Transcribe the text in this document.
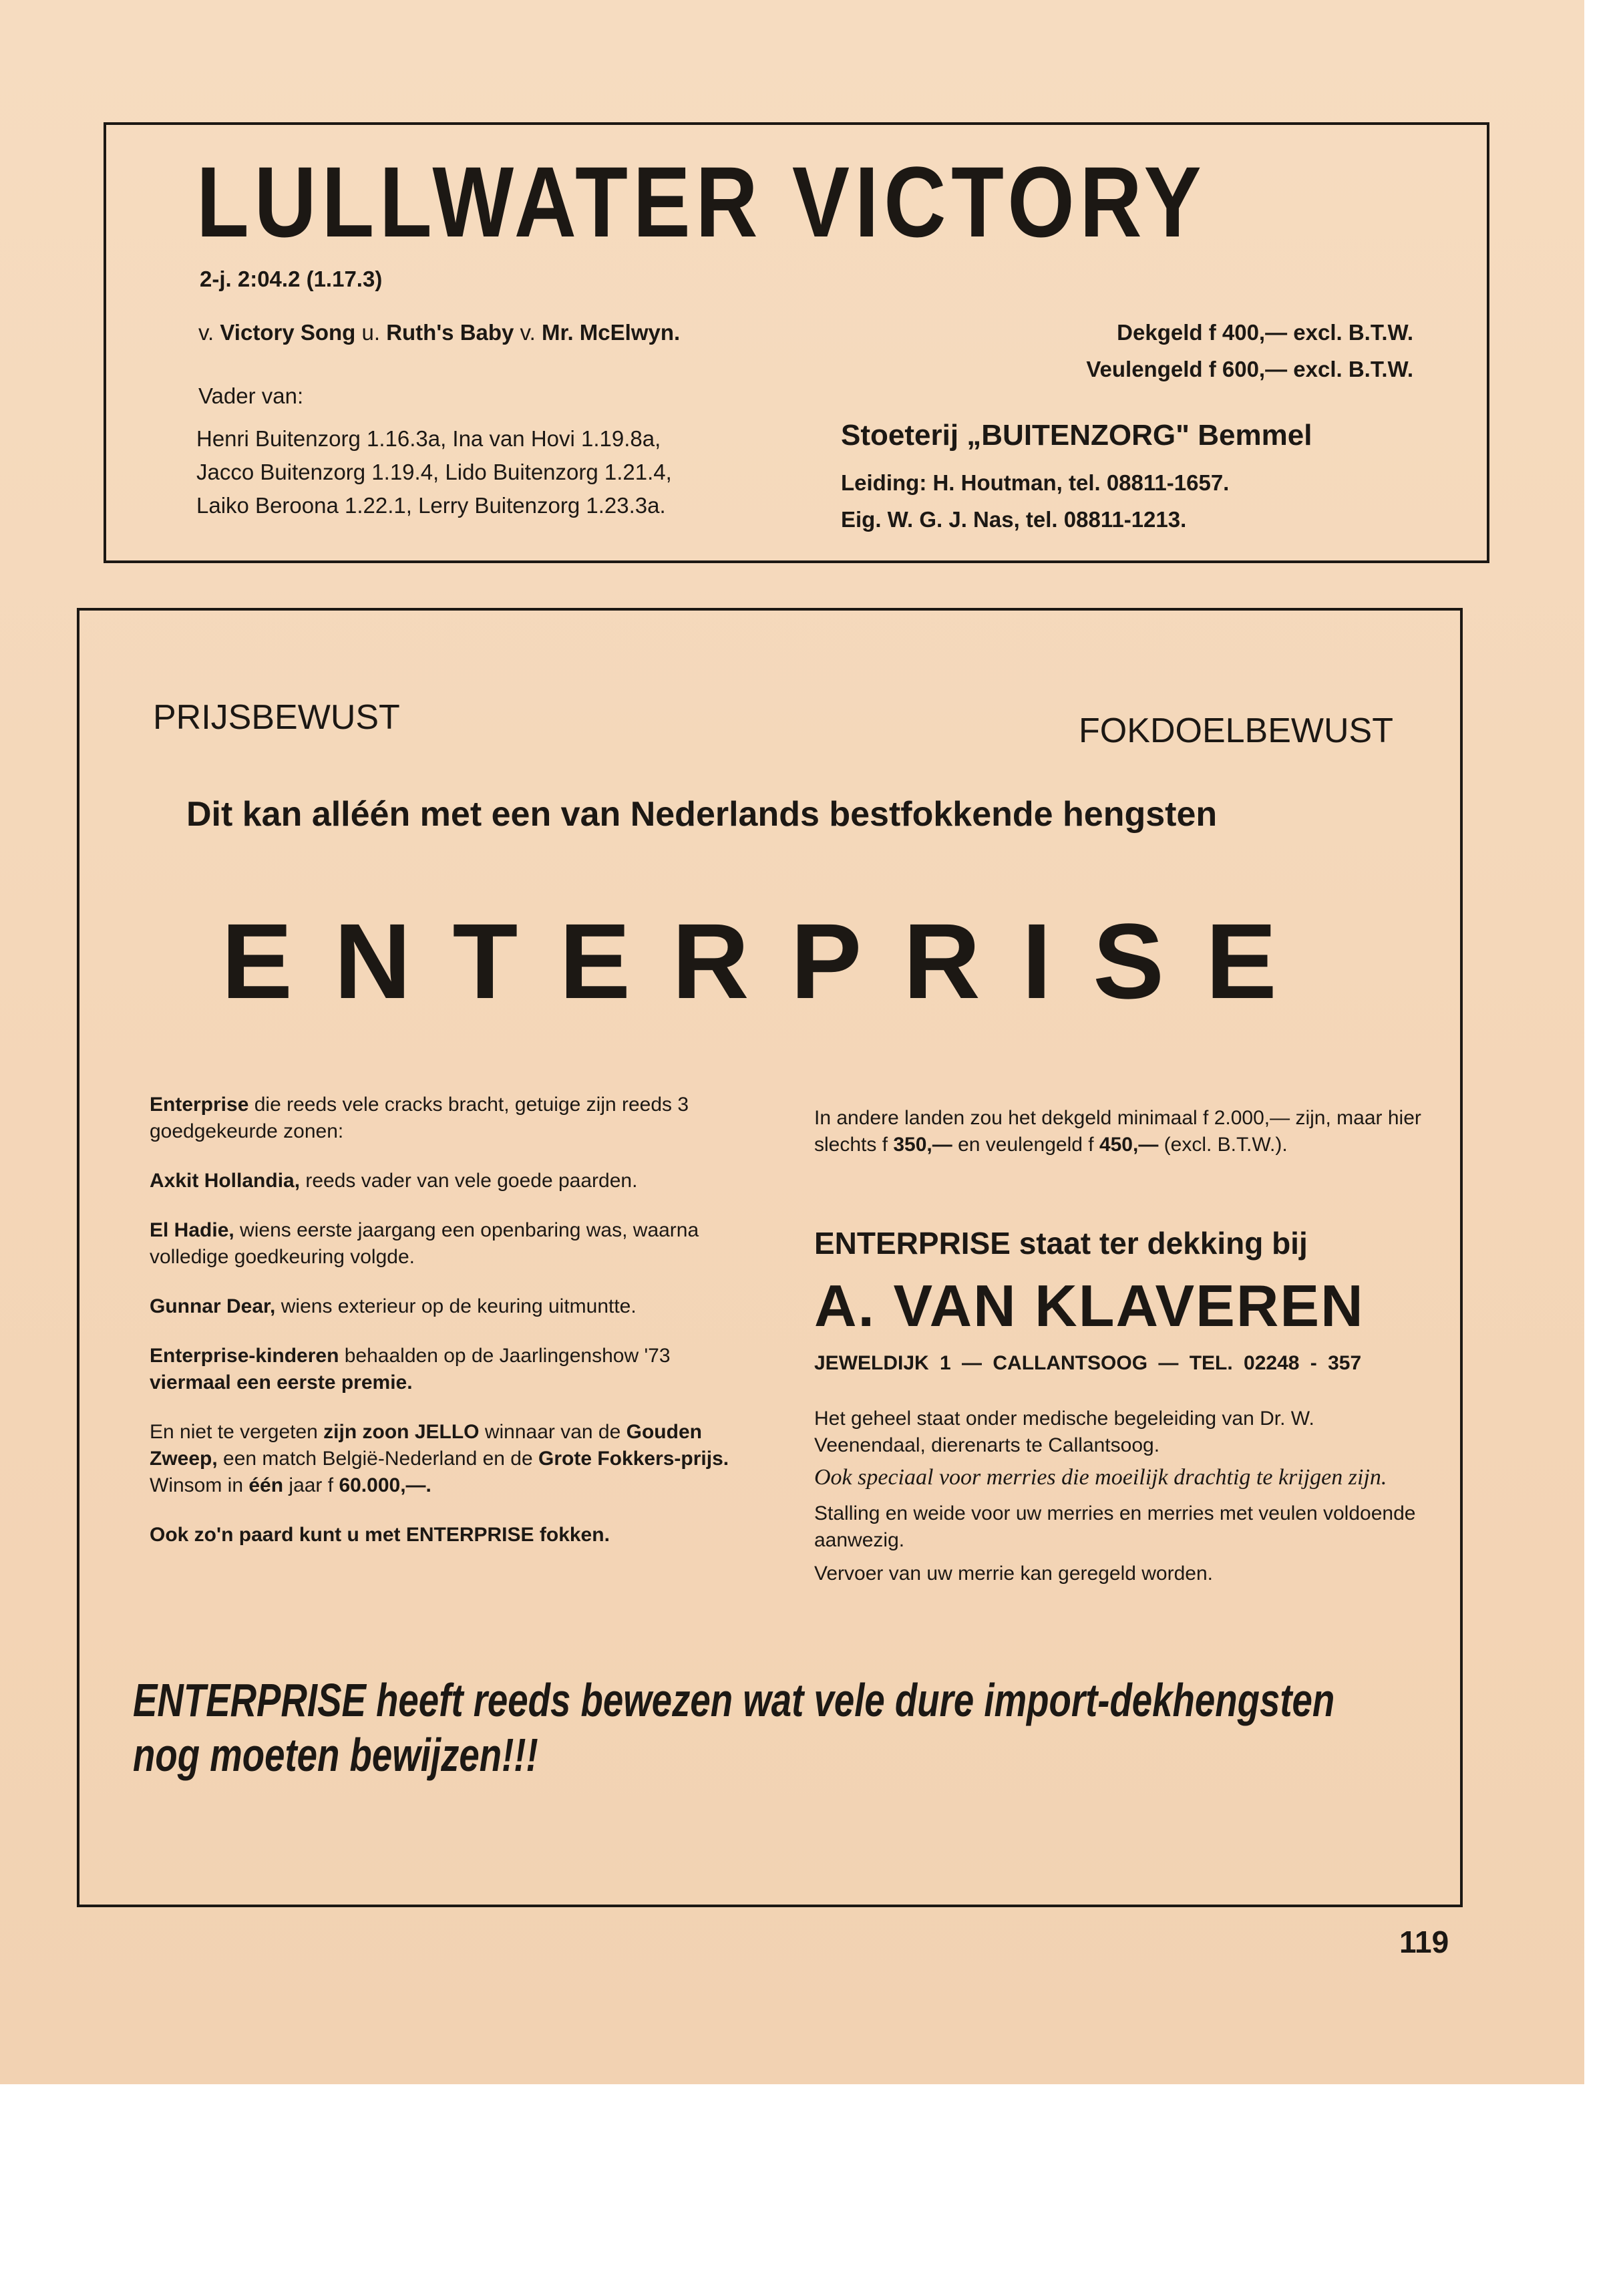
LULLWATER VICTORY
2-j. 2:04.2 (1.17.3)
v. Victory Song u. Ruth's Baby v. Mr. McElwyn.
Vader van:
Henri Buitenzorg 1.16.3a, Ina van Hovi 1.19.8a,
Jacco Buitenzorg 1.19.4, Lido Buitenzorg 1.21.4,
Laiko Beroona 1.22.1, Lerry Buitenzorg 1.23.3a.
Dekgeld f 400,— excl. B.T.W.
Veulengeld f 600,— excl. B.T.W.
Stoeterij „BUITENZORG" Bemmel
Leiding: H. Houtman, tel. 08811-1657.
Eig. W. G. J. Nas, tel. 08811-1213.
PRIJSBEWUST	FOKDOELBEWUST
Dit kan alléén met een van Nederlands bestfokkende hengsten
ENTERPRISE

Enterprise die reeds vele cracks bracht, getuige zijn reeds 3 goedgekeurde zonen:

Axkit Hollandia, reeds vader van vele goede paarden.

El Hadie, wiens eerste jaargang een openbaring was, waarna volledige goedkeuring volgde.

Gunnar Dear, wiens exterieur op de keuring uitmuntte.

Enterprise-kinderen behaalden op de Jaarlingenshow '73
viermaal een eerste premie.

En niet te vergeten zijn zoon JELLO winnaar van de Gouden Zweep, een match België-Nederland en de Grote Fokkers-prijs. Winsom in één jaar f 60.000,—.

Ook zo'n paard kunt u met ENTERPRISE fokken.

In andere landen zou het dekgeld minimaal f 2.000,— zijn, maar hier slechts f 350,— en veulengeld f 450,— (excl. B.T.W.).

ENTERPRISE staat ter dekking bij
A. VAN KLAVEREN
JEWELDIJK 1 — CALLANTSOOG — TEL. 02248 - 357

Het geheel staat onder medische begeleiding van Dr. W. Veenendaal, dierenarts te Callantsoog.

Ook speciaal voor merries die moeilijk drachtig te krijgen zijn.

Stalling en weide voor uw merries en merries met veulen voldoende aanwezig.

Vervoer van uw merrie kan geregeld worden.

ENTERPRISE heeft reeds bewezen wat vele dure import-dekhengsten
nog moeten bewijzen!!!
119
